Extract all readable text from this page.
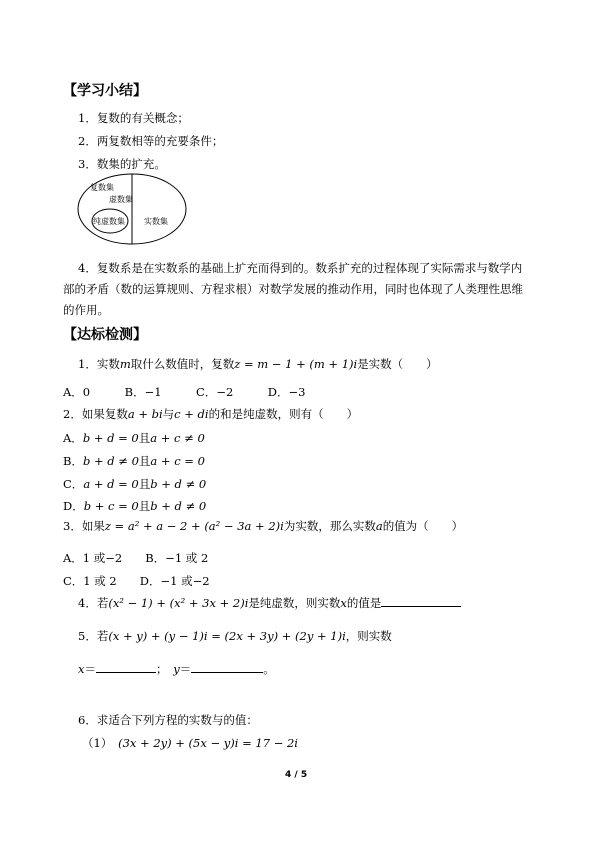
【学习小结】
1．复数的有关概念；
2．两复数相等的充要条件；
3．数集的扩充。
复数集
虚数集
纯虚数集 实数集
4．复数系是在实数系的基础上扩充而得到的。数系扩充的过程体现了实际需求与数学内
部的矛盾（数的运算规则、方程求根）对数学发展的推动作用，同时也体现了人类理性思维
的作用。
【达标检测】
1．实数m取什么数值时，复数z = m − 1 + (m + 1)i是实数（　　）
A．0　　　B．−1　　　C．−2　　　D．−3
2．如果复数a + bi与c + di的和是纯虚数，则有（　　）
A．b + d = 0且a + c ≠ 0
B．b + d ≠ 0且a + c = 0
C．a + d = 0且b + d ≠ 0
D．b + c = 0且b + d ≠ 0
3．如果z = a² + a − 2 + (a² − 3a + 2)i为实数，那么实数a的值为（　　）
A．1 或−2　　B．−1 或 2
C．1 或 2　　D．−1 或−2
4．若(x² − 1) + (x² + 3x + 2)i是纯虚数，则实数x的值是
5．若(x + y) + (y − 1)i = (2x + 3y) + (2y + 1)i，则实数
x＝	；　 y＝	。
6．求适合下列方程的实数与的值：
（1）　 (3x + 2y) + (5x − y)i = 17 − 2i
4 / 5
